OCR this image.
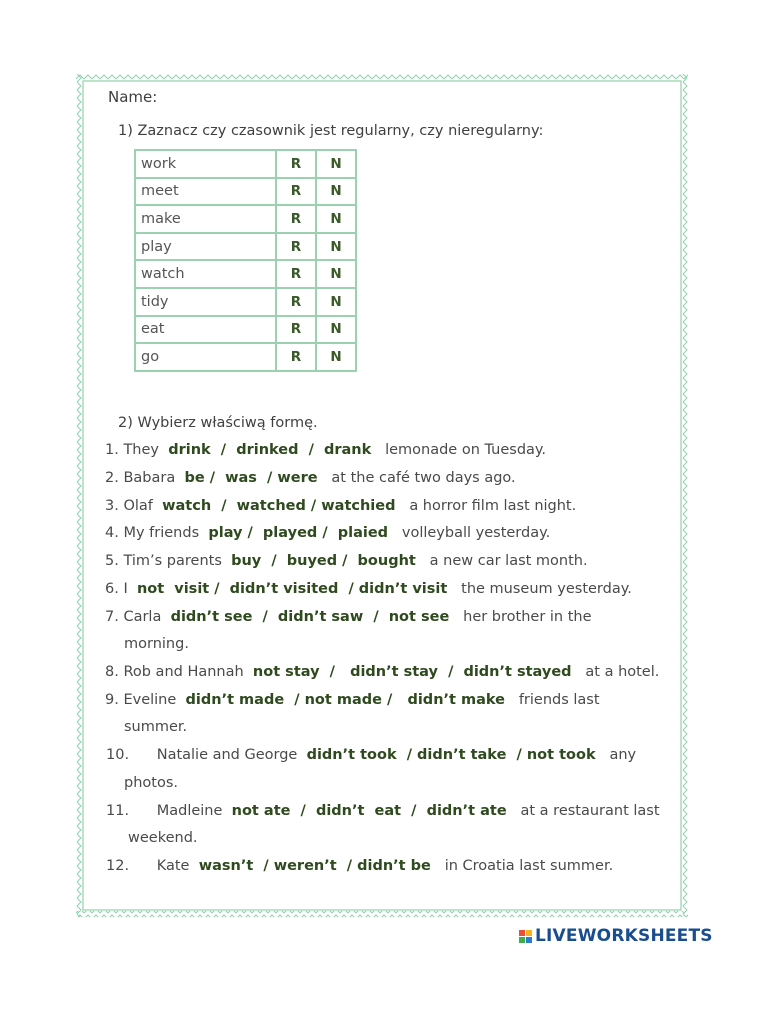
Name:
1) Zaznacz czy czasownik jest regularny, czy nieregularny:
work	R	N
meet	R	N
make	R	N
play	R	N
watch	R	N
tidy	R	N
eat	R	N
go	R	N
2) Wybierz właściwą formę.
1. They drink  /  drinked  /  drank lemonade on Tuesday.
2. Babara be /  was  / were at the café two days ago.
3. Olaf watch  /  watched / watchied a horror film last night.
4. My friends play /  played /  plaied volleyball yesterday.
5. Tim’s parents buy  /  buyed /  bought a new car last month.
6. I not  visit /  didn’t visited  / didn’t visit the museum yesterday.
7. Carla didn’t see  /  didn’t saw  /  not see her brother in the
morning.
8. Rob and Hannah not stay  /   didn’t stay  /  didn’t stayed at a hotel.
9. Eveline didn’t made  / not made /   didn’t make friends last
summer.
10. Natalie and George didn’t took  / didn’t take  / not took any
photos.
11. Madleine not ate  /  didn’t  eat  /  didn’t ate at a restaurant last
weekend.
12. Kate wasn’t  / weren’t  / didn’t be in Croatia last summer.
LIVEWORKSHEETS
